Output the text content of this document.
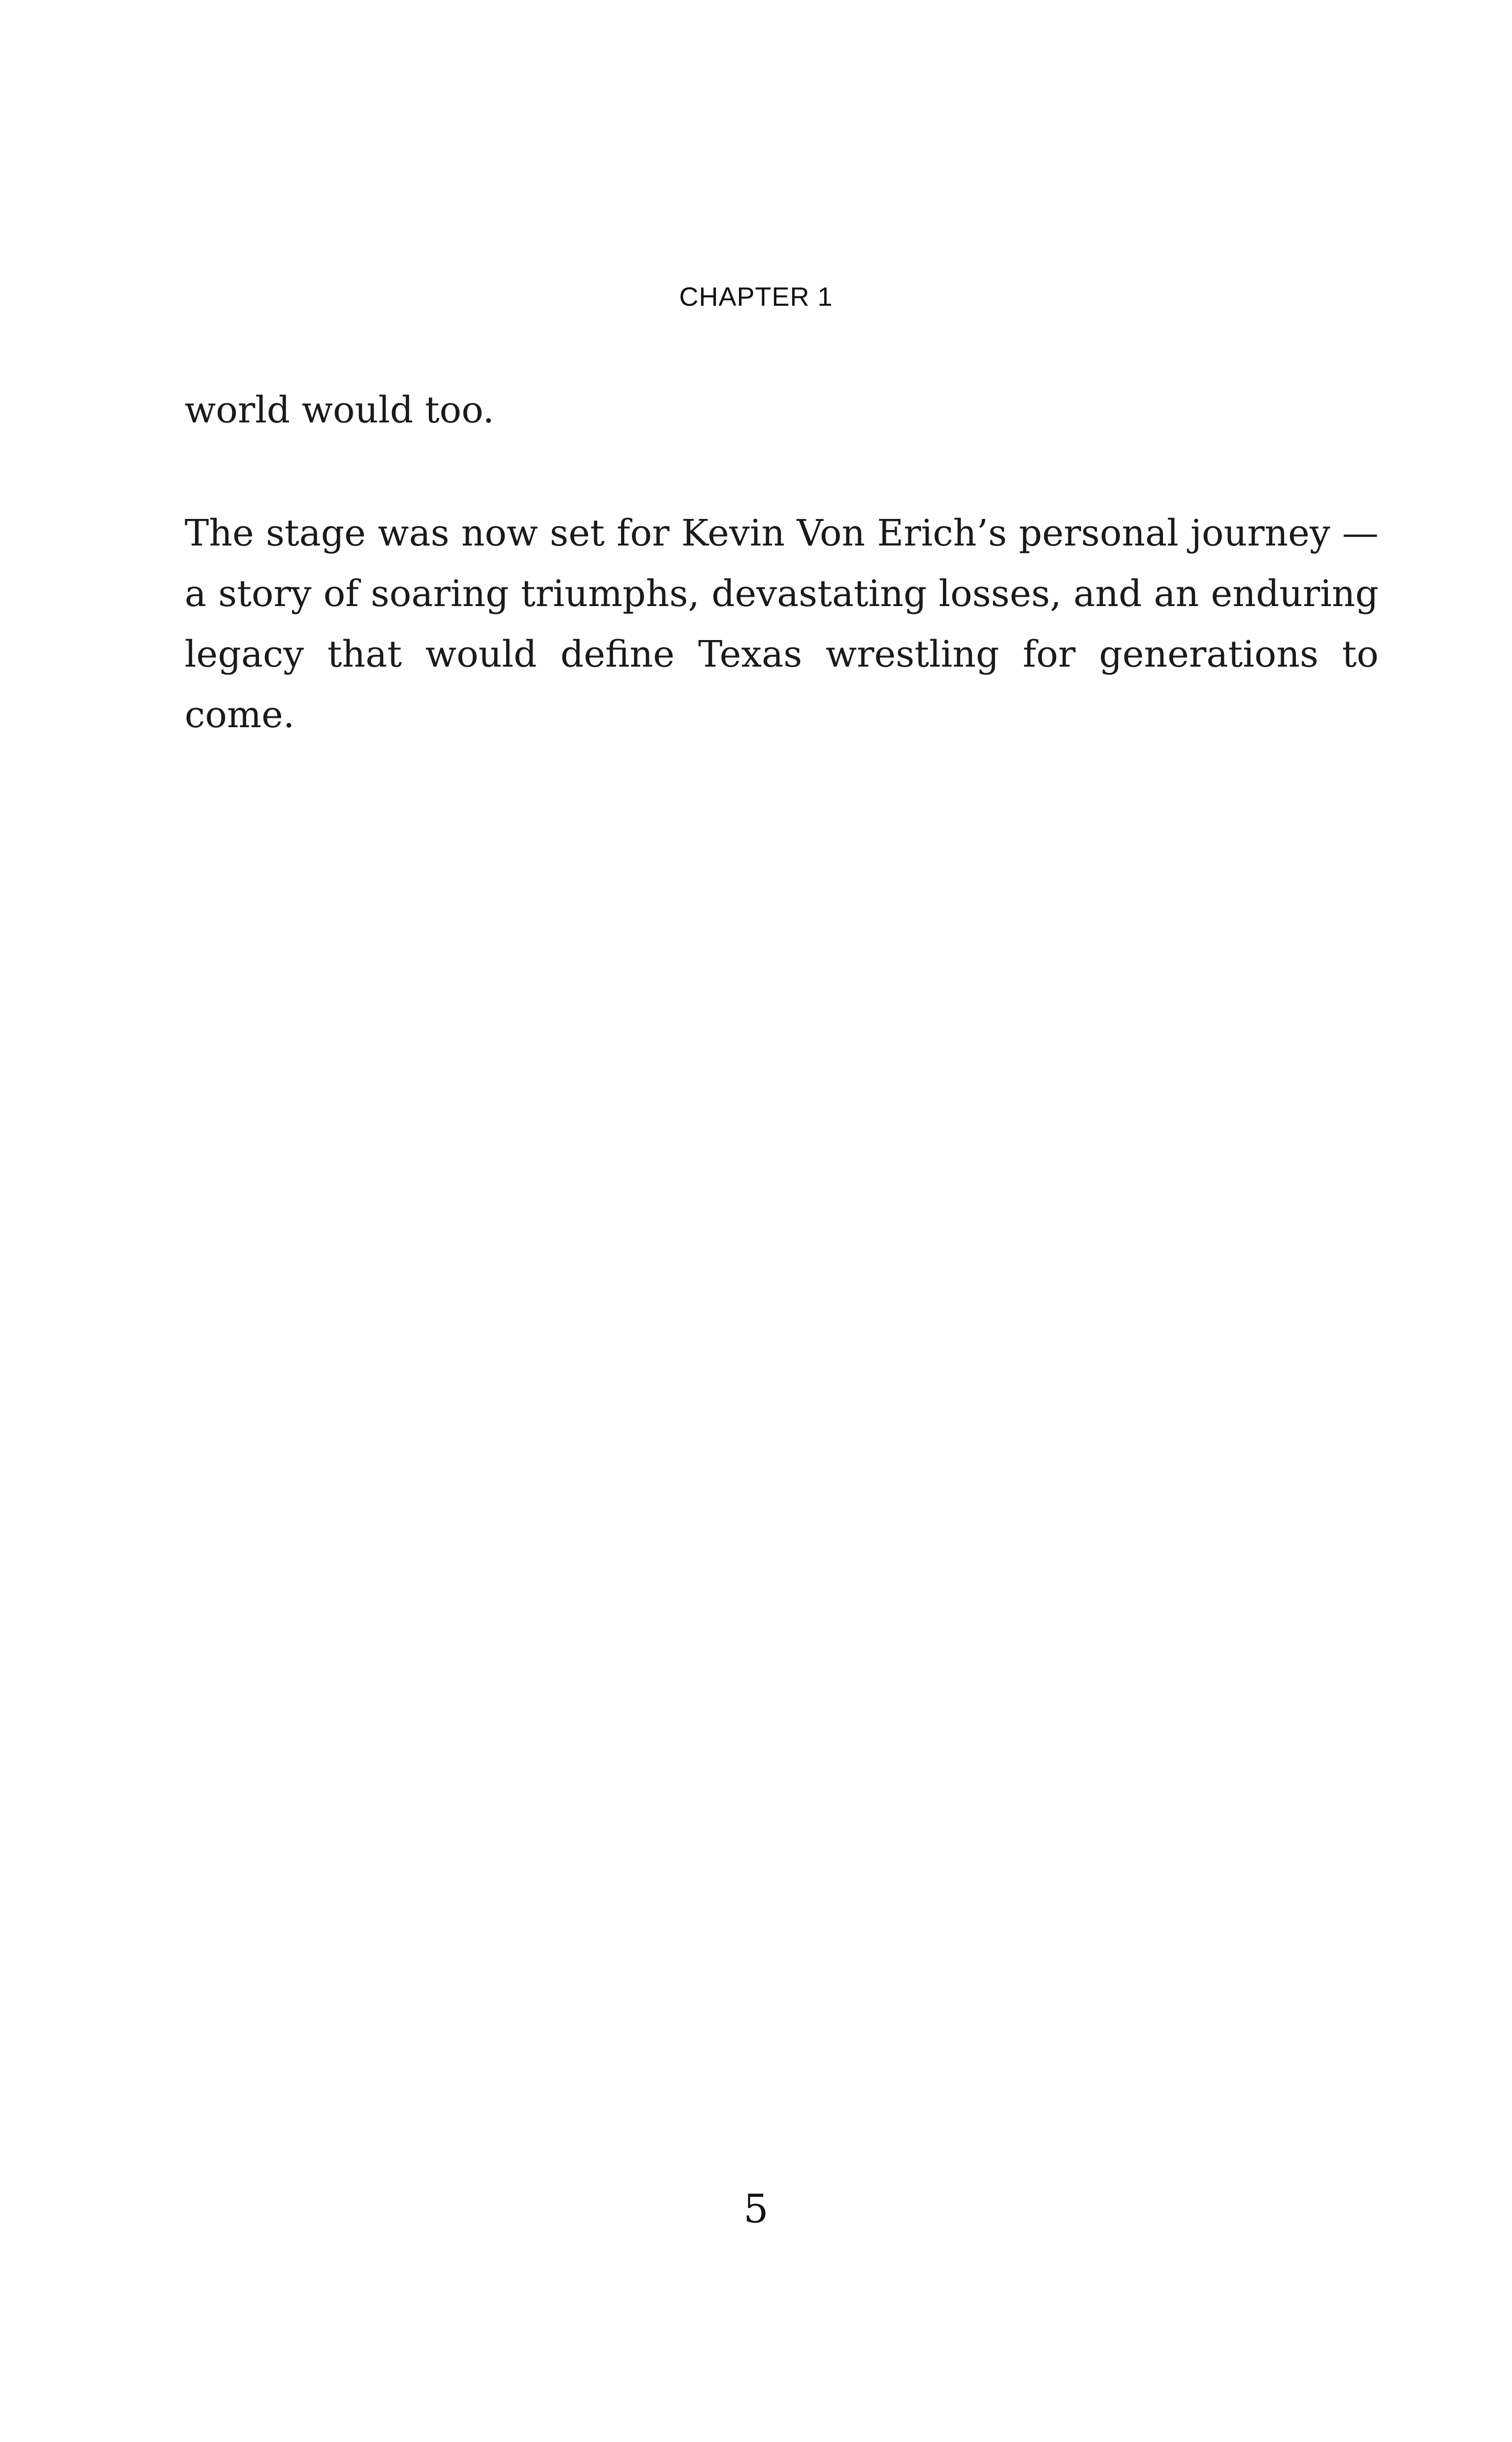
CHAPTER 1

world would too.

The stage was now set for Kevin Von Erich’s personal journey — a story of soaring triumphs, devastating losses, and an enduring legacy that would define Texas wrestling for generations to come.

5
